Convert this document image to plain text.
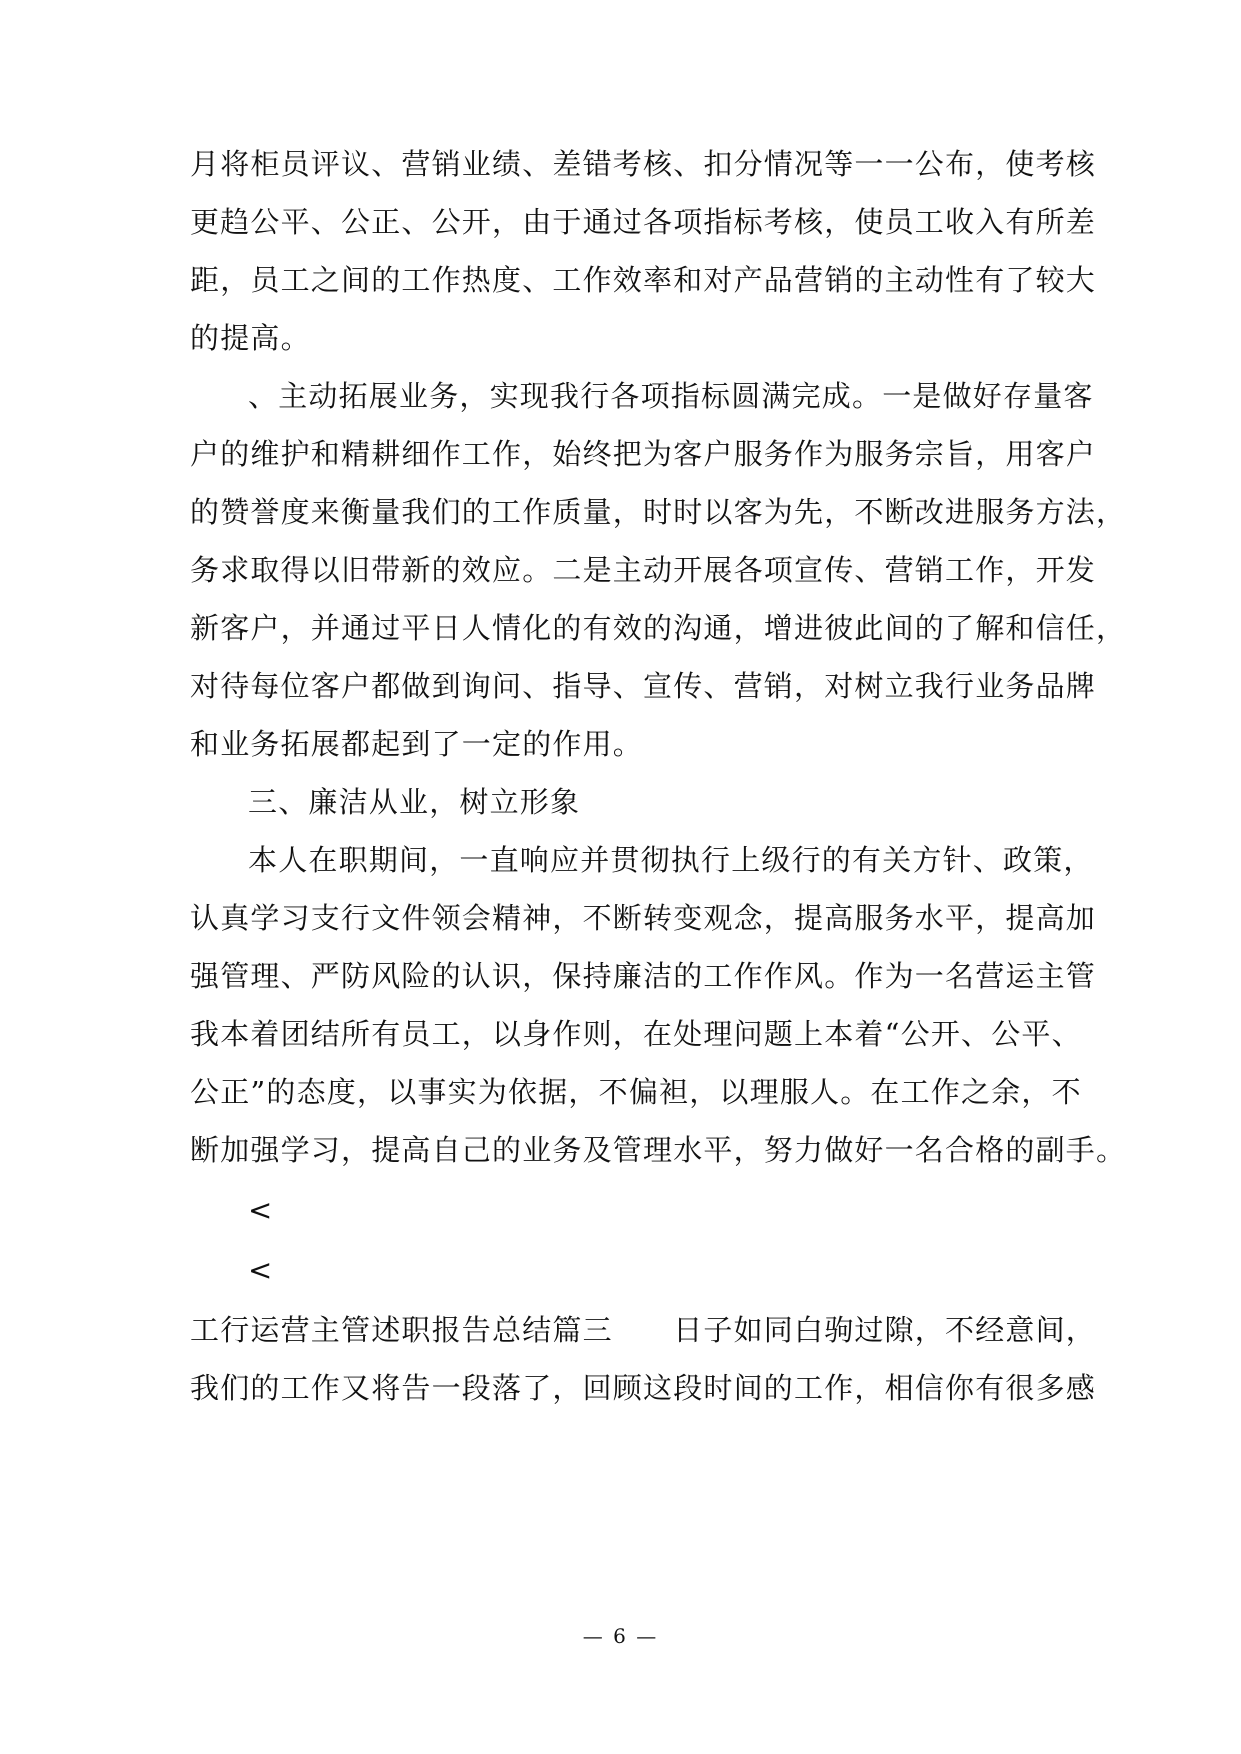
月将柜员评议、营销业绩、差错考核、扣分情况等一一公布，使考核
更趋公平、公正、公开，由于通过各项指标考核，使员工收入有所差
距，员工之间的工作热度、工作效率和对产品营销的主动性有了较大
的提高。
、主动拓展业务，实现我行各项指标圆满完成。一是做好存量客
户的维护和精耕细作工作，始终把为客户服务作为服务宗旨，用客户
的赞誉度来衡量我们的工作质量，时时以客为先，不断改进服务方法，
务求取得以旧带新的效应。二是主动开展各项宣传、营销工作，开发
新客户，并通过平日人情化的有效的沟通，增进彼此间的了解和信任，
对待每位客户都做到询问、指导、宣传、营销，对树立我行业务品牌
和业务拓展都起到了一定的作用。
三、廉洁从业，树立形象
本人在职期间，一直响应并贯彻执行上级行的有关方针、政策，
认真学习支行文件领会精神，不断转变观念，提高服务水平，提高加
强管理、严防风险的认识，保持廉洁的工作作风。作为一名营运主管
我本着团结所有员工，以身作则，在处理问题上本着“公开、公平、
公正”的态度，以事实为依据，不偏袒，以理服人。在工作之余，不
断加强学习，提高自己的业务及管理水平，努力做好一名合格的副手。
<
<
工行运营主管述职报告总结篇三　　日子如同白驹过隙，不经意间，
我们的工作又将告一段落了，回顾这段时间的工作，相信你有很多感
— 6 —
